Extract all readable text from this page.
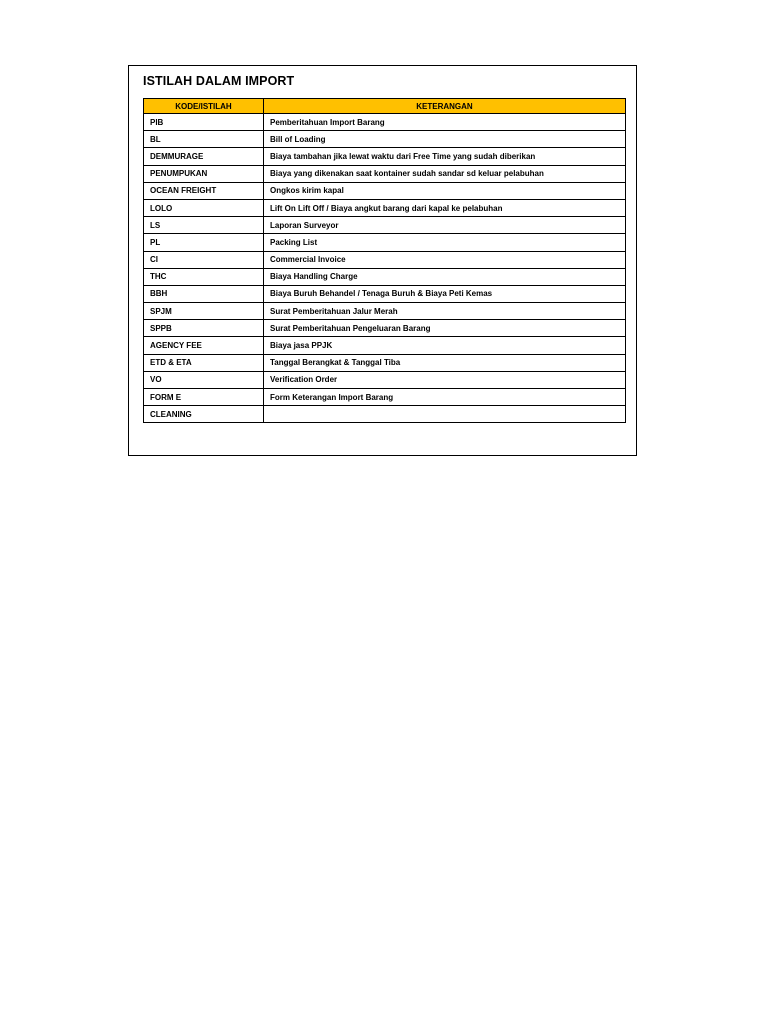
ISTILAH DALAM IMPORT
KODE/ISTILAH	KETERANGAN
PIB	Pemberitahuan Import Barang
BL	Bill of Loading
DEMMURAGE	Biaya tambahan jika lewat waktu dari Free Time yang sudah diberikan
PENUMPUKAN	Biaya yang dikenakan saat kontainer sudah sandar sd keluar pelabuhan
OCEAN FREIGHT	Ongkos kirim kapal
LOLO	Lift On Lift Off / Biaya angkut barang dari kapal ke pelabuhan
LS	Laporan Surveyor
PL	Packing List
CI	Commercial Invoice
THC	Biaya Handling Charge
BBH	Biaya Buruh Behandel / Tenaga Buruh & Biaya Peti Kemas
SPJM	Surat Pemberitahuan Jalur Merah
SPPB	Surat Pemberitahuan Pengeluaran Barang
AGENCY FEE	Biaya jasa PPJK
ETD & ETA	Tanggal Berangkat & Tanggal Tiba
VO	Verification Order
FORM E	Form Keterangan Import Barang
CLEANING	
